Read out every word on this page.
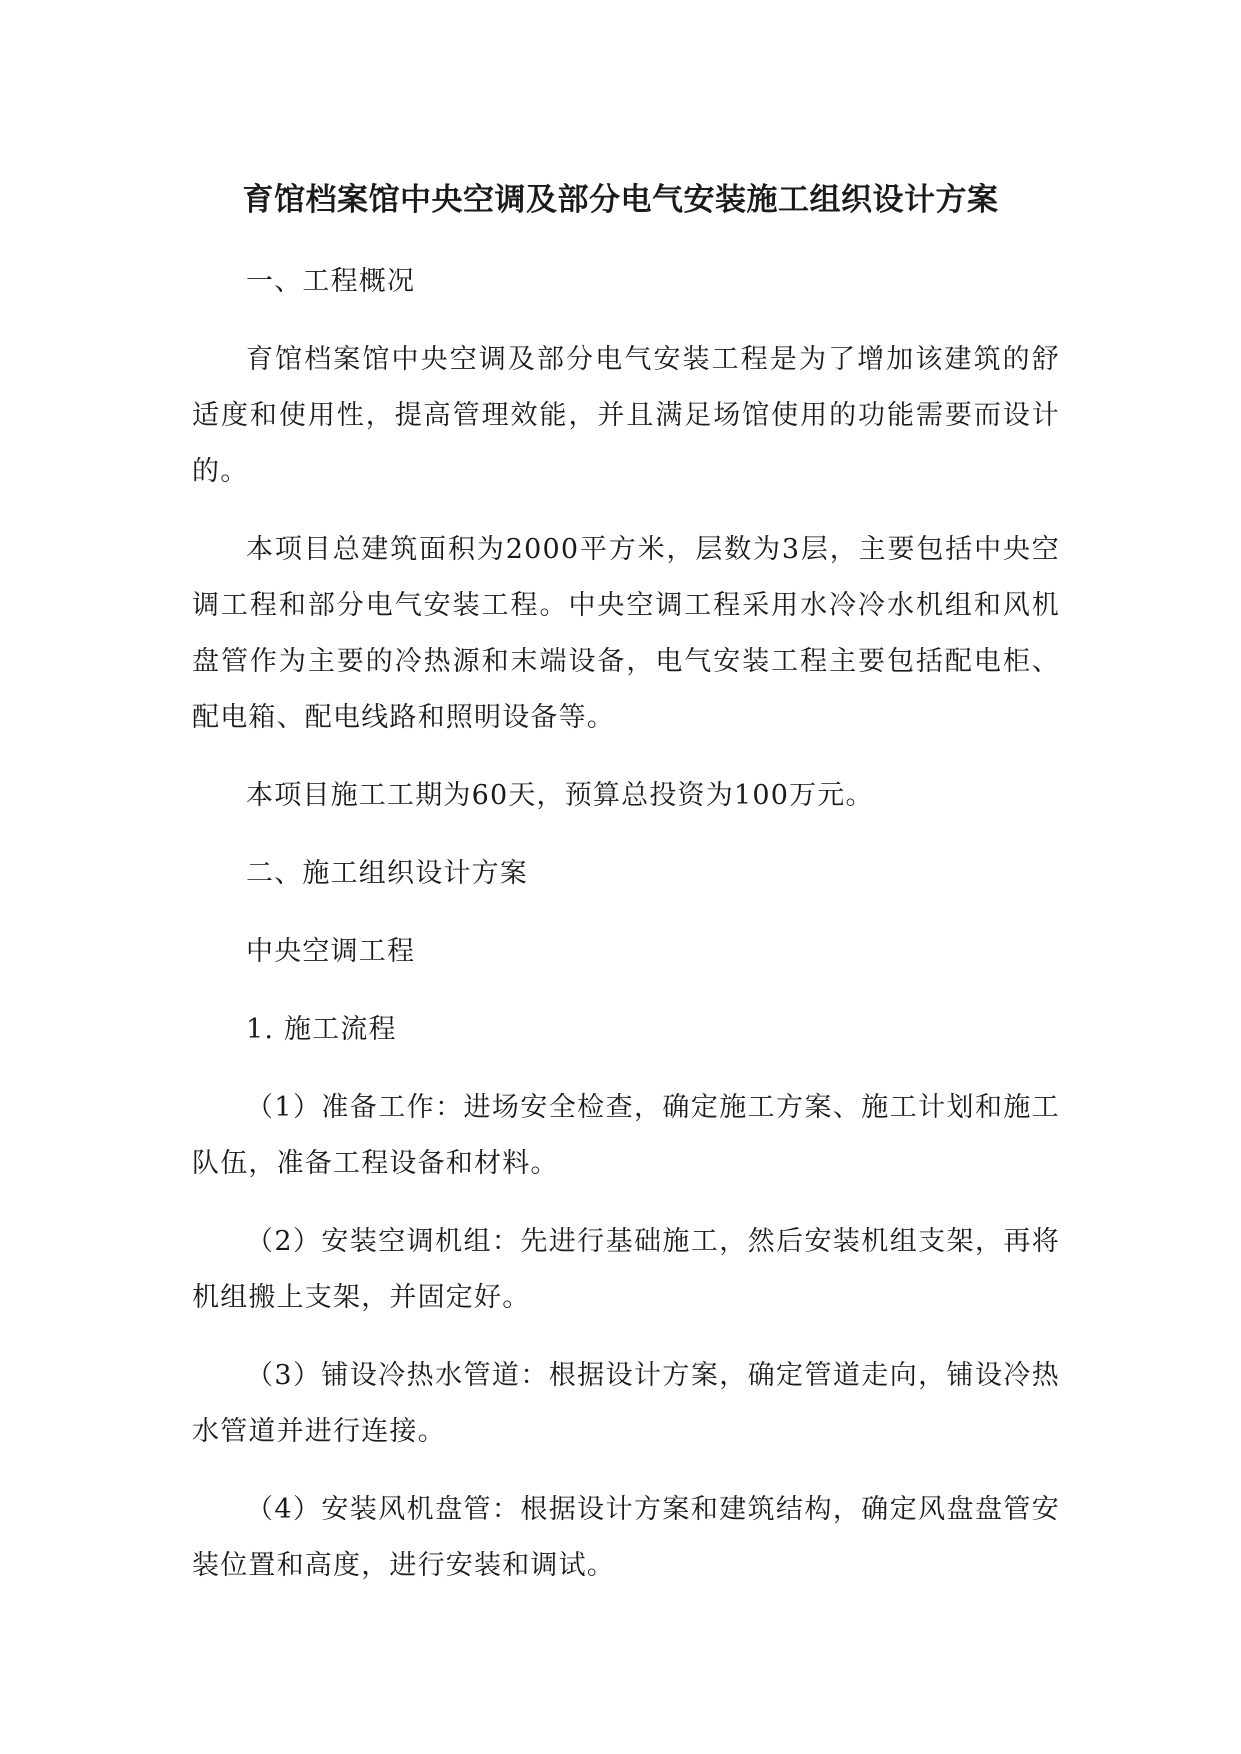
育馆档案馆中央空调及部分电气安装施工组织设计方案

一、工程概况

育馆档案馆中央空调及部分电气安装工程是为了增加该建筑的舒适度和使用性，提高管理效能，并且满足场馆使用的功能需要而设计的。

本项目总建筑面积为2000平方米，层数为3层，主要包括中央空调工程和部分电气安装工程。中央空调工程采用水冷冷水机组和风机盘管作为主要的冷热源和末端设备，电气安装工程主要包括配电柜、配电箱、配电线路和照明设备等。

本项目施工工期为60天，预算总投资为100万元。

二、施工组织设计方案

中央空调工程

1. 施工流程

（1）准备工作：进场安全检查，确定施工方案、施工计划和施工队伍，准备工程设备和材料。

（2）安装空调机组：先进行基础施工，然后安装机组支架，再将机组搬上支架，并固定好。

（3）铺设冷热水管道：根据设计方案，确定管道走向，铺设冷热水管道并进行连接。

（4）安装风机盘管：根据设计方案和建筑结构，确定风盘盘管安装位置和高度，进行安装和调试。
